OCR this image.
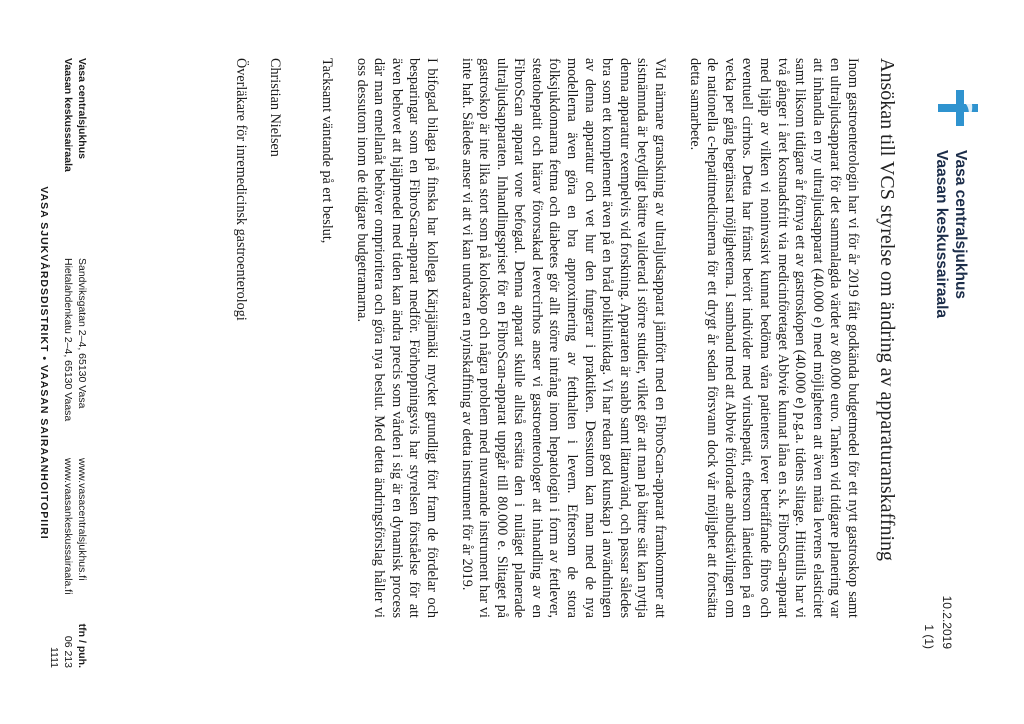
Vasa centralsjukhus
Vaasan keskussairaala
10.2.2019
1 (1)
Ansökan till VCS styrelse om ändring av apparaturanskaffning

Inom gastroenterologin har vi för år 2019 fått godkända budgetmedel för ett nytt gastroskop samt en ultraljudsapparat för det sammalagda värdet av 80.000 euro. Tanken vid tidigare planering var att inhandla en ny ultraljudsapparat (40.000 e) med möjligheten att även mäta levrens elasticitet samt liksom tidigare år förnya ett av gastroskopen (40.000 e) p.g.a. tidens slitage. Hitintills har vi två gånger i året kostnadsfritt via medicinföretaget Abbvie kunnat låna en s.k. FibroScan-apparat med hjälp av vilken vi noninvasivt kunnat bedöma våra patienters lever beträffande fibros och eventuell cirrhos. Detta har främst berört individer med virushepatit, eftersom lånetiden på en vecka per gång begränsat möjligheterna. I samband med att Abbvie förlorade anbudstävlingen om de nationella c-hepatitmedicinerna för ett drygt år sedan försvann dock vår möjlighet att fortsätta detta samarbete.

Vid närmare granskning av ultraljudsapparat jämfört med en FibroScan-apparat framkommer att sistnämnda är betydligt bättre validerad i större studier, vilket gör att man på bättre sätt kan nyttja denna apparatur exempelvis vid forskning. Apparaten är snabb samt lättanvänd, och passar således bra som ett komplement även på en bråd poliklinikdag. Vi har redan god kunskap i användningen av denna apparatur och vet hur den fungerar i praktiken. Dessutom kan man med de nya modellerna även göra en bra approximering av fetthalten i levern. Eftersom de stora folksjukdomarna fetma och diabetes gör allt större intrång inom hepatologin i form av fettlever, steatohepatit och härav förorsakad levercirrhos anser vi gastroenterologer att inhandling av en FibroScan apparat vore befogad. Denna apparat skulle alltså ersätta den i nuläget planerade ultraljudsapparaten. Inhandlingspriset för en FibroScan-apparat uppgår till 80.000 e. Slitaget på gastroskop är inte lika stort som på koloskop och några problem med nuvarande instrument har vi inte haft. Således anser vi att vi kan undvara en nyinskaffning av detta instrument för år 2019.

I bifogad bilaga på finska har kollega Kärjäjämäki mycket grundligt fört fram de fördelar och besparingar som en FibroScan-apparat medför. Förhoppningsvis har styrelsen förståelse för att även behovet att hjälpmedel med tiden kan ändra precis som vården i sig är en dynamisk process där man emellanåt behöver omprioritera och göra nya beslut. Med detta ändringsförslag håller vi oss dessutom inom de tidigare budgetramarna.

Tacksamt väntande på ert beslut,

Christian Nielsen

Överläkare för inremedicinsk gastroenterologi

Vasa centralsjukhus
Vaasan keskussairaala
Sandviksgatan 2–4, 65130 Vasa
Hietalahdenkatu 2–4, 65130 Vaasa
www.vasacentralsjukhus.fi
www.vaasankeskussairaala.fi
tfn / puh.
06 213 1111
VASA SJUKVÅRDSDISTRIKT • VAASAN SAIRAANHOITOPIIRI
